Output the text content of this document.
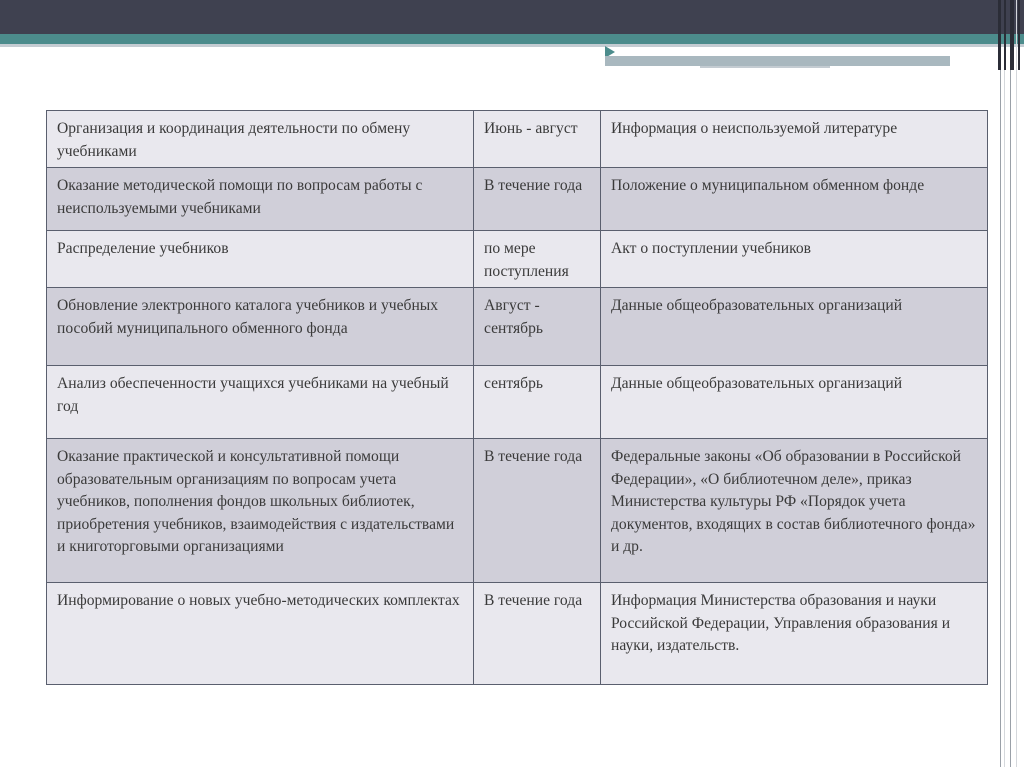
Организация и координация деятельности по обмену учебниками	Июнь - август	Информация о неиспользуемой литературе
Оказание методической помощи по вопросам работы с неиспользуемыми учебниками	В течение года	Положение о муниципальном обменном фонде
Распределение учебников	по мере поступления	Акт о поступлении учебников
Обновление электронного каталога учебников и учебных пособий муниципального обменного фонда	Август - сентябрь	Данные общеобразовательных организаций
Анализ обеспеченности учащихся учебниками на учебный год	сентябрь	Данные общеобразовательных организаций
Оказание практической и консультативной помощи образовательным организациям по вопросам учета учебников, пополнения фондов школьных библиотек, приобретения учебников, взаимодействия с издательствами и книготорговыми организациями	В течение года	Федеральные законы «Об образовании в Российской Федерации», «О библиотечном деле», приказ Министерства культуры РФ «Порядок учета документов, входящих в состав библиотечного фонда» и др.
Информирование о новых учебно-методических комплектах	В течение года	Информация Министерства образования и науки Российской Федерации, Управления образования и науки, издательств.
